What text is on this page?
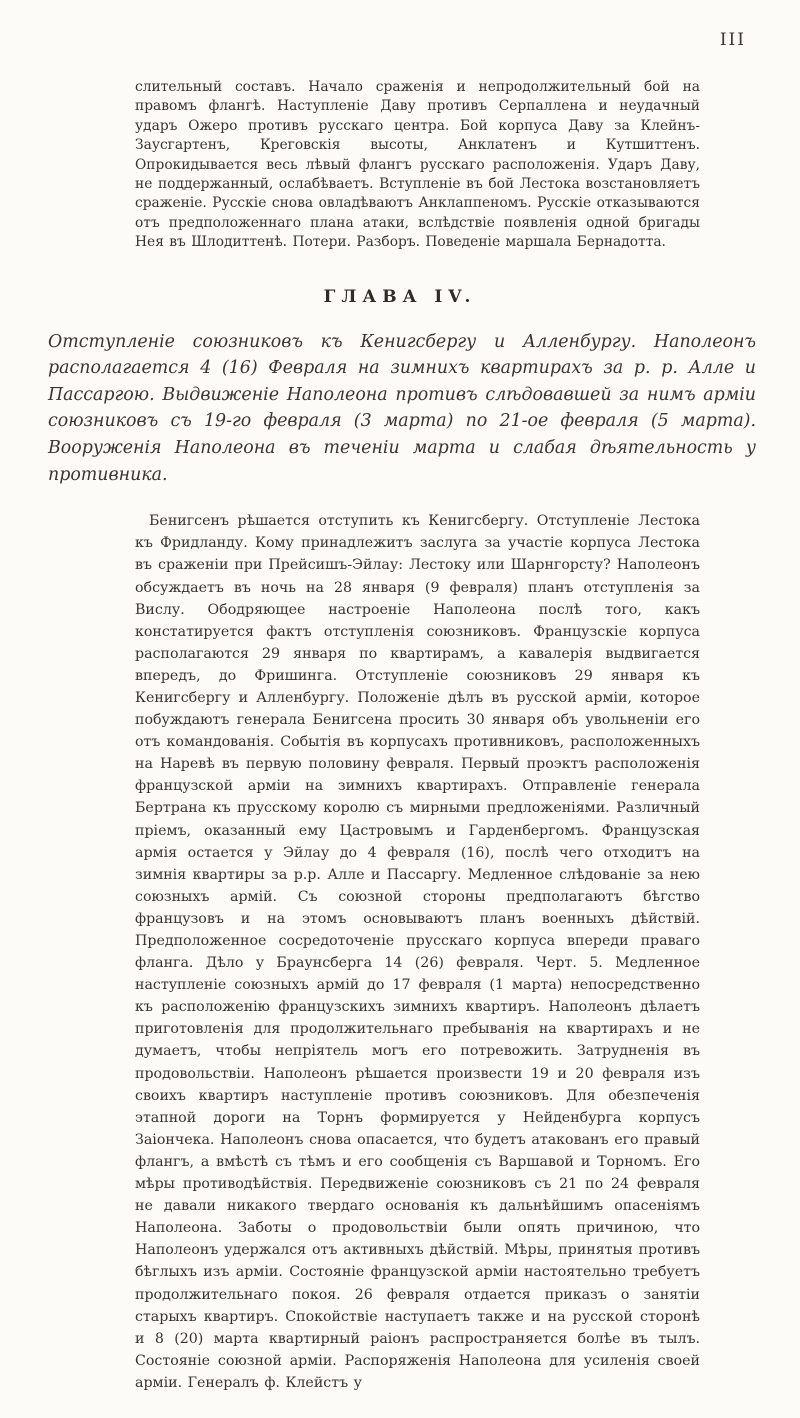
III

слительный составъ. Начало сраженія и непродолжительный бой на правомъ флангѣ. Наступленіе Даву противъ Серпаллена и неудачный ударъ Ожеро противъ русскаго центра. Бой корпуса Даву за Клейнъ-Заусгартенъ, Креговскія высоты, Анклатенъ и Кутшиттенъ. Опрокидывается весь лѣвый флангъ русскаго расположенія. Ударъ Даву, не поддержанный, ослабѣваетъ. Вступленіе въ бой Лестока возстановляетъ сраженіе. Русскіе снова овладѣваютъ Анклаппеномъ. Русскіе отказываются отъ предположеннаго плана атаки, вслѣдствіе появленія одной бригады Нея въ Шлодиттенѣ. Потери. Разборъ. Поведеніе маршала Бернадотта.

ГЛАВА IV.

Отступленіе союзниковъ къ Кенигсбергу и Алленбургу. Наполеонъ располагается 4 (16) Февраля на зимнихъ квартирахъ за р. р. Алле и Пассаргою. Выдвиженіе Наполеона противъ слѣдовавшей за нимъ арміи союзниковъ съ 19-го февраля (3 марта) по 21-ое февраля (5 марта). Вооруженія Наполеона въ теченіи марта и слабая дѣятельность у противника.

Бенигсенъ рѣшается отступить къ Кенигсбергу. Отступленіе Лестока къ Фридланду. Кому принадлежитъ заслуга за участіе корпуса Лестока въ сраженіи при Прейсишъ-Эйлау: Лестоку или Шарнгорсту? Наполеонъ обсуждаетъ въ ночь на 28 января (9 февраля) планъ отступленія за Вислу. Ободряющее настроеніе Наполеона послѣ того, какъ констатируется фактъ отступленія союзниковъ. Французскіе корпуса располагаются 29 января по квартирамъ, а кавалерія выдвигается впередъ, до Фришинга. Отступленіе союзниковъ 29 января къ Кенигсбергу и Алленбургу. Положеніе дѣлъ въ русской арміи, которое побуждаютъ генерала Бенигсена просить 30 января объ увольненіи его отъ командованія. Событія въ корпусахъ противниковъ, расположенныхъ на Наревѣ въ первую половину февраля. Первый проэктъ расположенія французской арміи на зимнихъ квартирахъ. Отправленіе генерала Бертрана къ прусскому королю съ мирными предложеніями. Различный пріемъ, оказанный ему Цастровымъ и Гарденбергомъ. Французская армія остается у Эйлау до 4 февраля (16), послѣ чего отходитъ на зимнія квартиры за р.р. Алле и Пассаргу. Медленное слѣдованіе за нею союзныхъ армій. Съ союзной стороны предполагаютъ бѣгство французовъ и на этомъ основываютъ планъ военныхъ дѣйствій. Предположенное сосредоточеніе прусскаго корпуса впереди праваго фланга. Дѣло у Браунсберга 14 (26) февраля. Черт. 5. Медленное наступленіе союзныхъ армій до 17 февраля (1 марта) непосредственно къ расположенію французскихъ зимнихъ квартиръ. Наполеонъ дѣлаетъ приготовленія для продолжительнаго пребыванія на квартирахъ и не думаетъ, чтобы непріятель могъ его потревожить. Затрудненія въ продовольствіи. Наполеонъ рѣшается произвести 19 и 20 февраля изъ своихъ квартиръ наступленіе противъ союзниковъ. Для обезпеченія этапной дороги на Торнъ формируется у Нейденбурга корпусъ Заіончека. Наполеонъ снова опасается, что будетъ атакованъ его правый флангъ, а вмѣстѣ съ тѣмъ и его сообщенія съ Варшавой и Торномъ. Его мѣры противодѣйствія. Передвиженіе союзниковъ съ 21 по 24 февраля не давали никакого твердаго основанія къ дальнѣйшимъ опасеніямъ Наполеона. Заботы о продовольствіи были опять причиною, что Наполеонъ удержался отъ активныхъ дѣйствій. Мѣры, принятыя противъ бѣглыхъ изъ арміи. Состояніе французской арміи настоятельно требуетъ продолжительнаго покоя. 26 февраля отдается приказъ о занятіи старыхъ квартиръ. Спокойствіе наступаетъ также и на русской сторонѣ и 8 (20) марта квартирный раіонъ распространяется болѣе въ тылъ. Состояніе союзной арміи. Распоряженія Наполеона для усиленія своей арміи. Генералъ ф. Клейстъ у
